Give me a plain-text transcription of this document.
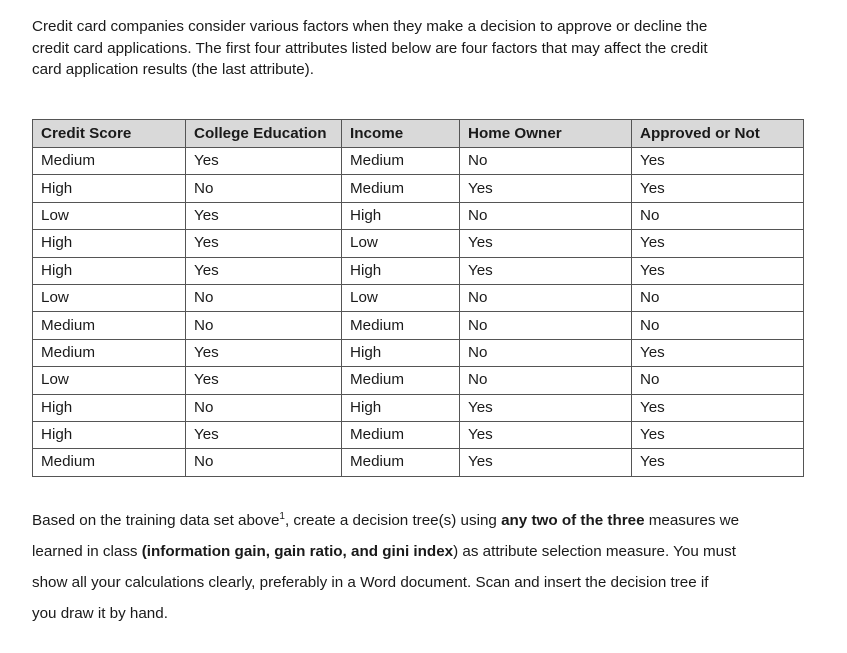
Credit card companies consider various factors when they make a decision to approve or decline the
credit card applications. The first four attributes listed below are four factors that may affect the credit
card application results (the last attribute).
Credit Score	College Education	Income	Home Owner	Approved or Not
Medium	Yes	Medium	No	Yes
High	No	Medium	Yes	Yes
Low	Yes	High	No	No
High	Yes	Low	Yes	Yes
High	Yes	High	Yes	Yes
Low	No	Low	No	No
Medium	No	Medium	No	No
Medium	Yes	High	No	Yes
Low	Yes	Medium	No	No
High	No	High	Yes	Yes
High	Yes	Medium	Yes	Yes
Medium	No	Medium	Yes	Yes
Based on the training data set above$^1$, create a decision tree(s) using any two of the three measures we
learned in class (information gain, gain ratio, and gini index) as attribute selection measure. You must
show all your calculations clearly, preferably in a Word document. Scan and insert the decision tree if
you draw it by hand.
